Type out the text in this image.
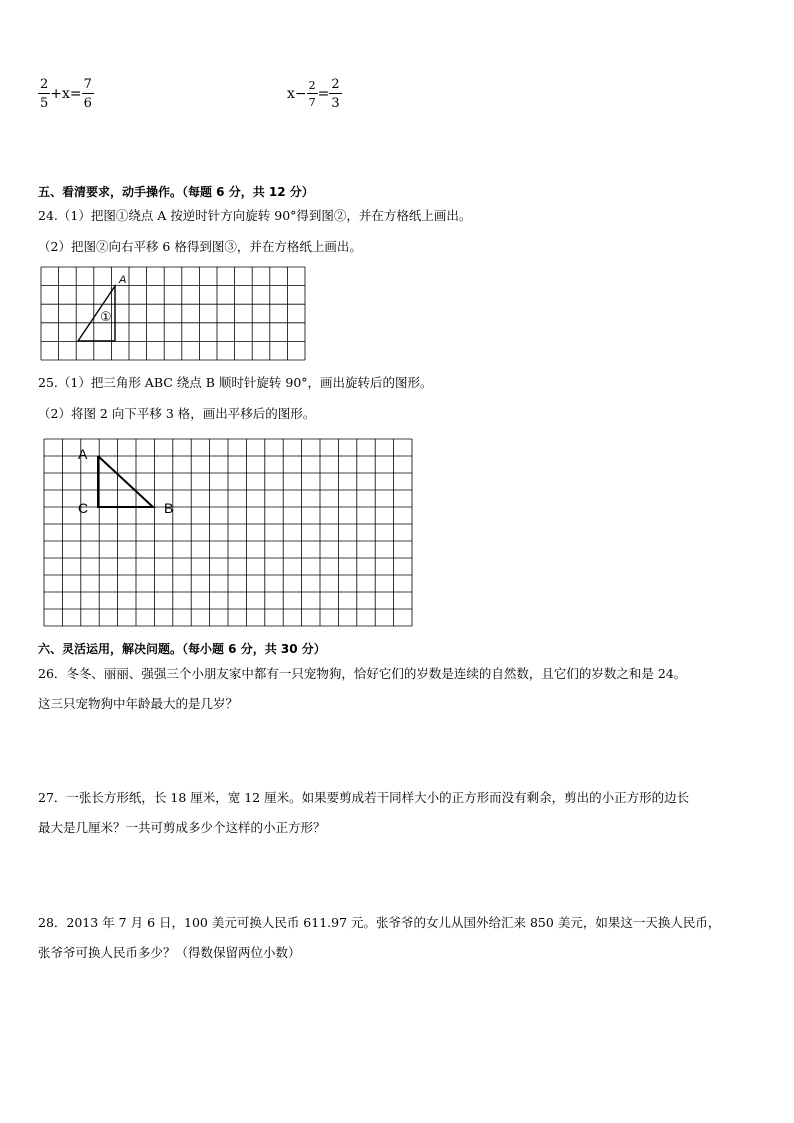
$\frac{2}{5} +x= \frac{7}{6}$	$x- \frac{2}{7} = \frac{2}{3}$
五、看清要求，动手操作。（每题 6 分，共 12 分）
24.（1）把图①绕点 A 按逆时针方向旋转 90°得到图②，并在方格纸上画出。
（2）把图②向右平移 6 格得到图③，并在方格纸上画出。
A
①
25.（1）把三角形 ABC 绕点 B 顺时针旋转 90°，画出旋转后的图形。
（2）将图 2 向下平移 3 格，画出平移后的图形。
A
C	B
六、灵活运用，解决问题。（每小题 6 分，共 30 分）
26．冬冬、丽丽、强强三个小朋友家中都有一只宠物狗，恰好它们的岁数是连续的自然数，且它们的岁数之和是 24。
这三只宠物狗中年龄最大的是几岁？
27．一张长方形纸，长 18 厘米，宽 12 厘米。如果要剪成若干同样大小的正方形而没有剩余，剪出的小正方形的边长
最大是几厘米？一共可剪成多少个这样的小正方形？
28．2013 年 7 月 6 日，100 美元可换人民币 611.97 元。张爷爷的女儿从国外给汇来 850 美元，如果这一天换人民币，
张爷爷可换人民币多少？（得数保留两位小数）
